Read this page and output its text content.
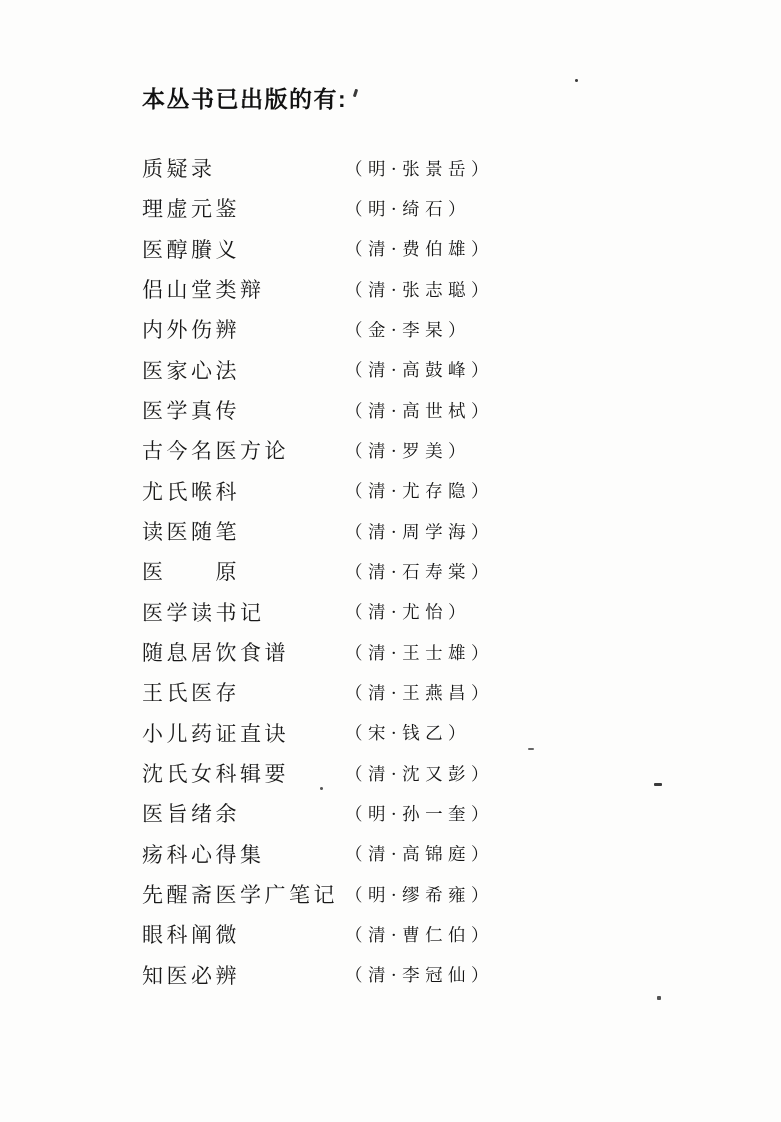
本丛书已出版的有:
质疑录	（明·张景岳）
理虚元鉴	（明·绮石）
医醇賸义	（清·费伯雄）
侣山堂类辩	（清·张志聪）
内外伤辨	（金·李杲）
医家心法	（清·高鼓峰）
医学真传	（清·高世栻）
古今名医方论	（清·罗美）
尤氏喉科	（清·尤存隐）
读医随笔	（清·周学海）
医　　原	（清·石寿棠）
医学读书记	（清·尤怡）
随息居饮食谱	（清·王士雄）
王氏医存	（清·王燕昌）
小儿药证直诀	（宋·钱乙）
沈氏女科辑要	（清·沈又彭）
医旨绪余	（明·孙一奎）
疡科心得集	（清·高锦庭）
先醒斋医学广笔记 （明·缪希雍）
眼科阐微	（清·曹仁伯）
知医必辨	（清·李冠仙）
